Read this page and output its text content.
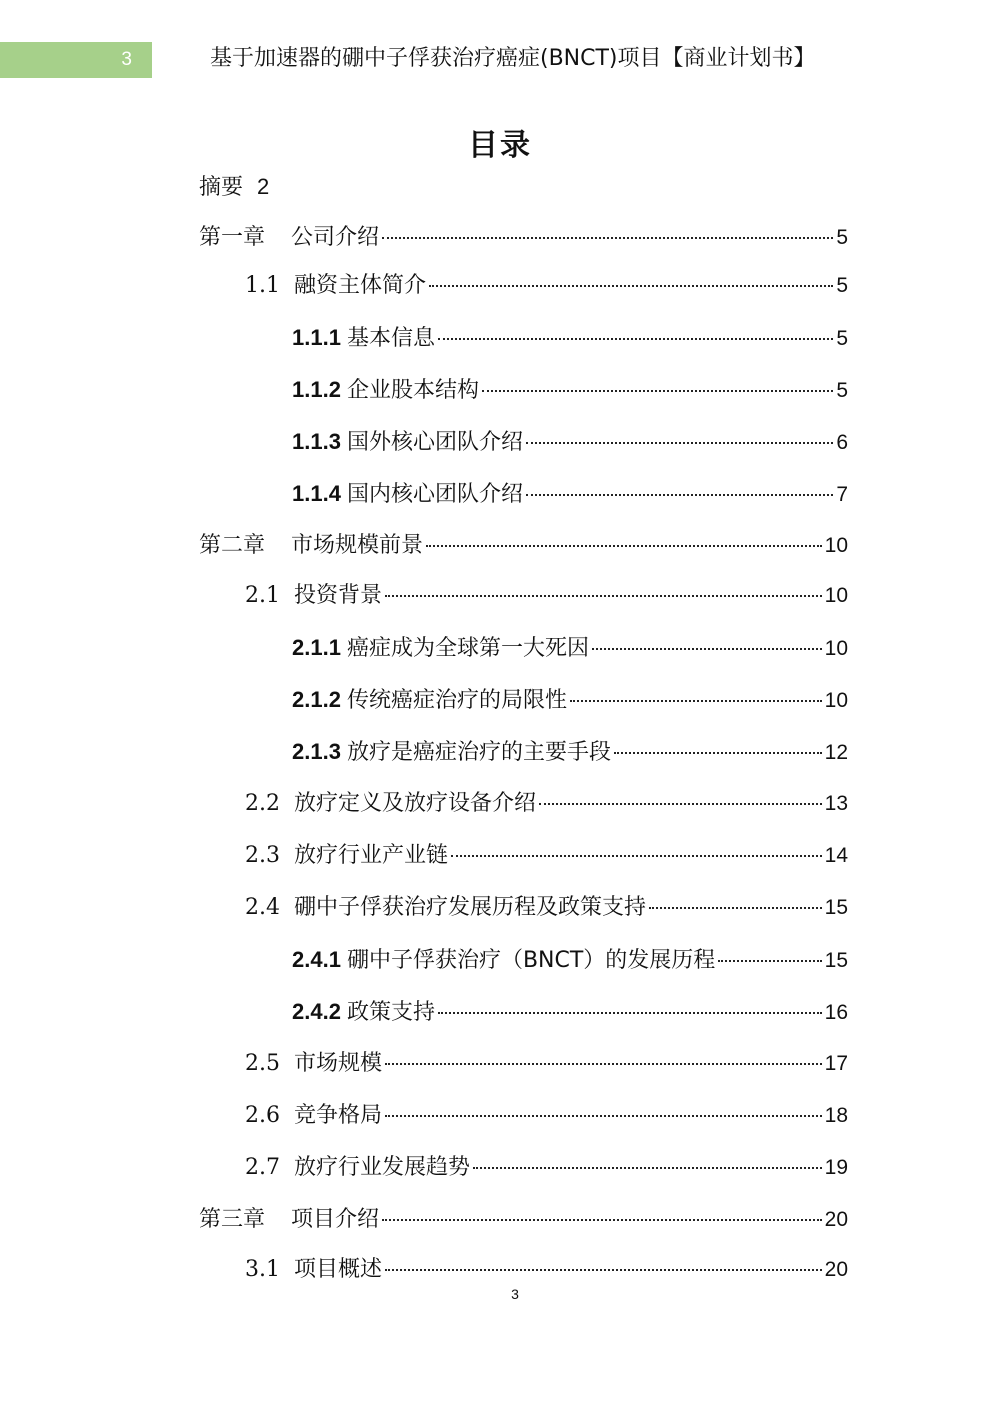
3	基于加速器的硼中子俘获治疗癌症(BNCT)项目【商业计划书】
目录
摘要 2
第一章 公司介绍	5
1.1 融资主体简介	5
1.1.1 基本信息	5
1.1.2 企业股本结构	5
1.1.3 国外核心团队介绍	6
1.1.4 国内核心团队介绍	7
第二章 市场规模前景	10
2.1 投资背景	10
2.1.1 癌症成为全球第一大死因	10
2.1.2 传统癌症治疗的局限性	10
2.1.3 放疗是癌症治疗的主要手段	12
2.2 放疗定义及放疗设备介绍	13
2.3 放疗行业产业链	14
2.4 硼中子俘获治疗发展历程及政策支持	15
2.4.1 硼中子俘获治疗（BNCT）的发展历程	15
2.4.2 政策支持	16
2.5 市场规模	17
2.6 竞争格局	18
2.7 放疗行业发展趋势	19
第三章 项目介绍	20
3.1 项目概述	20
3
